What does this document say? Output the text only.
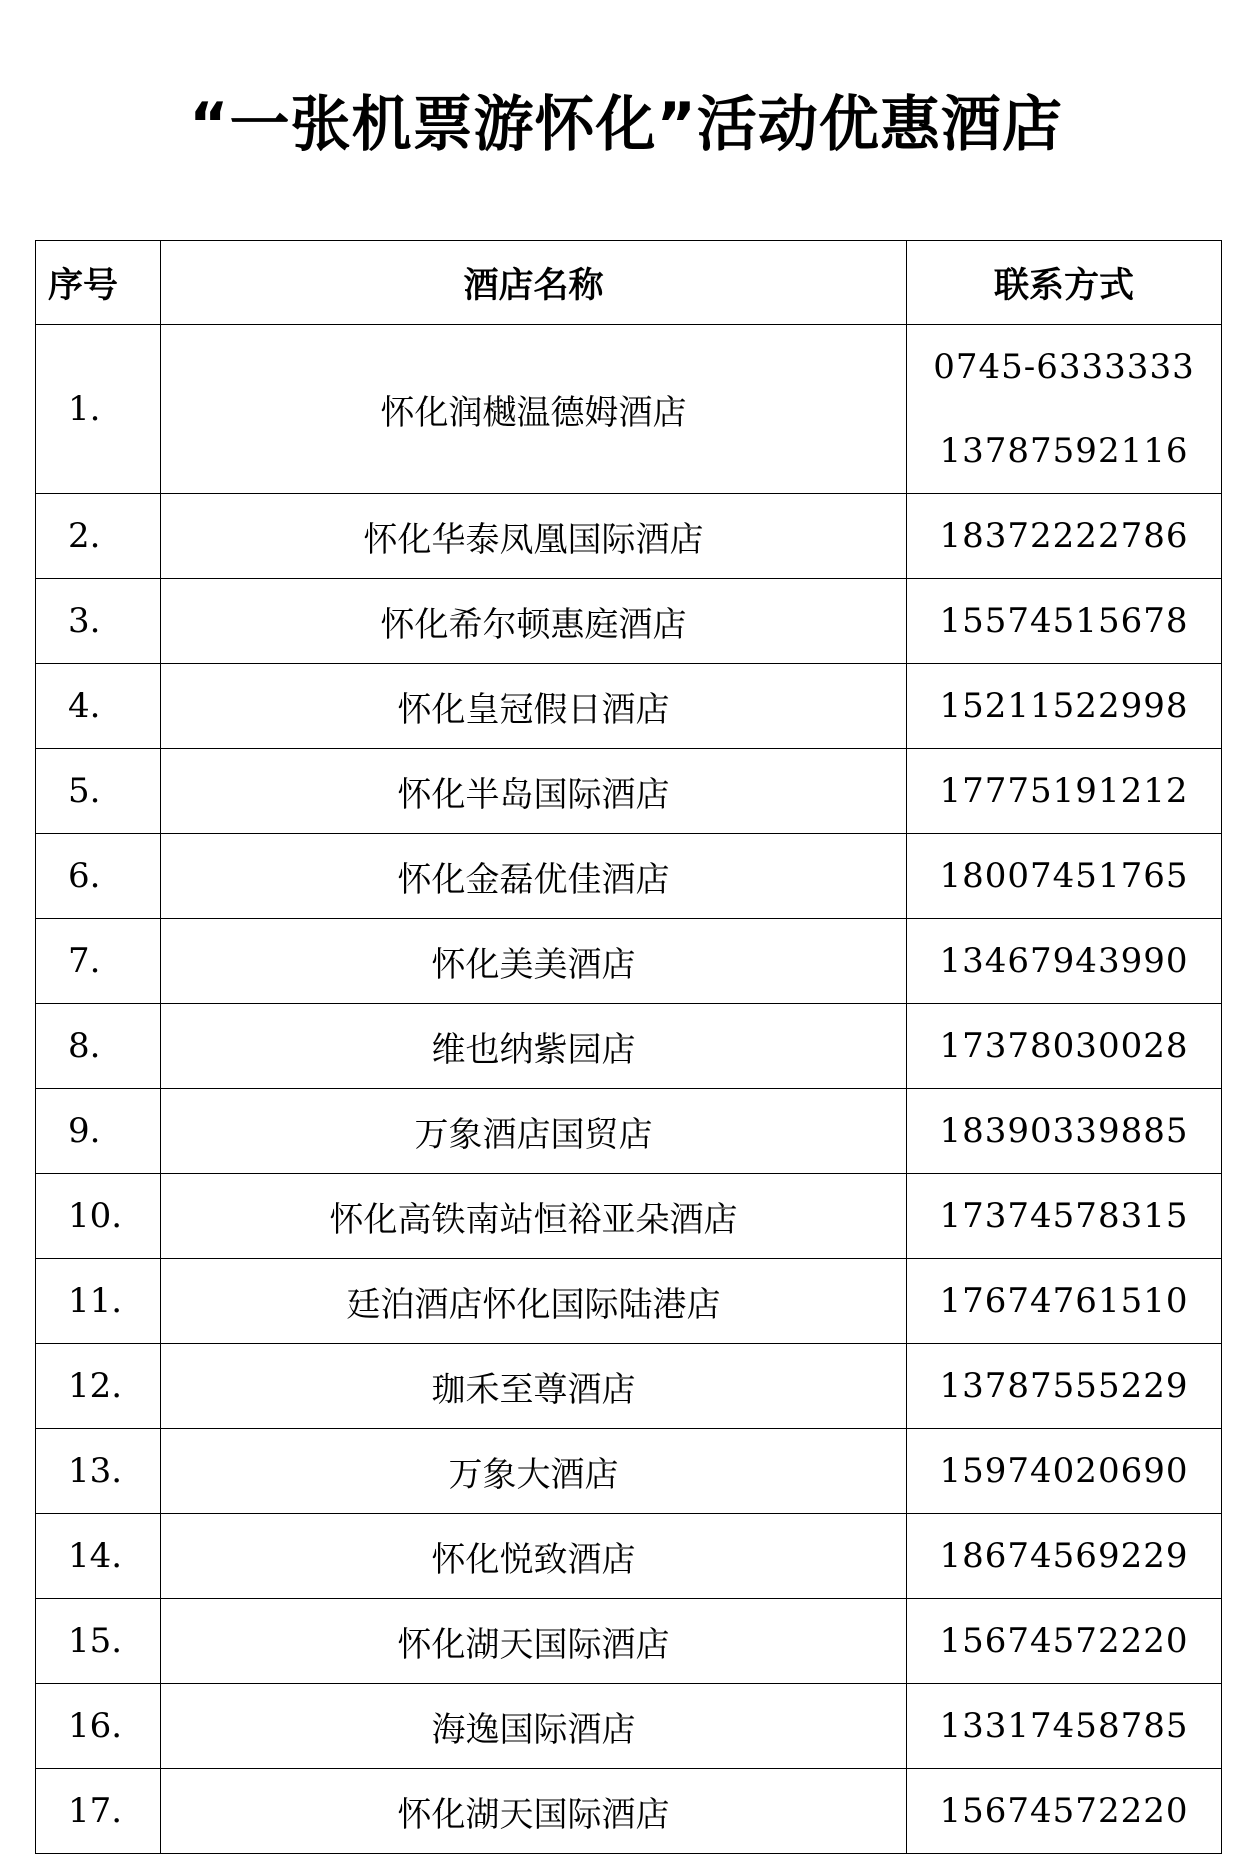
“一张机票游怀化”活动优惠酒店
序号	酒店名称	联系方式
1.	怀化润樾温德姆酒店	0745-6333333
13787592116

2.	怀化华泰凤凰国际酒店	18372222786

3.	怀化希尔顿惠庭酒店	15574515678

4.	怀化皇冠假日酒店	15211522998

5.	怀化半岛国际酒店	17775191212

6.	怀化金磊优佳酒店	18007451765

7.	怀化美美酒店	13467943990

8.	维也纳紫园店	17378030028

9.	万象酒店国贸店	18390339885

10.	怀化高铁南站恒裕亚朵酒店	17374578315

11.	廷泊酒店怀化国际陆港店	17674761510

12.	珈禾至尊酒店	13787555229

13.	万象大酒店	15974020690

14.	怀化悦致酒店	18674569229

15.	怀化湖天国际酒店	15674572220

16.	海逸国际酒店	13317458785

17.	怀化湖天国际酒店	15674572220
